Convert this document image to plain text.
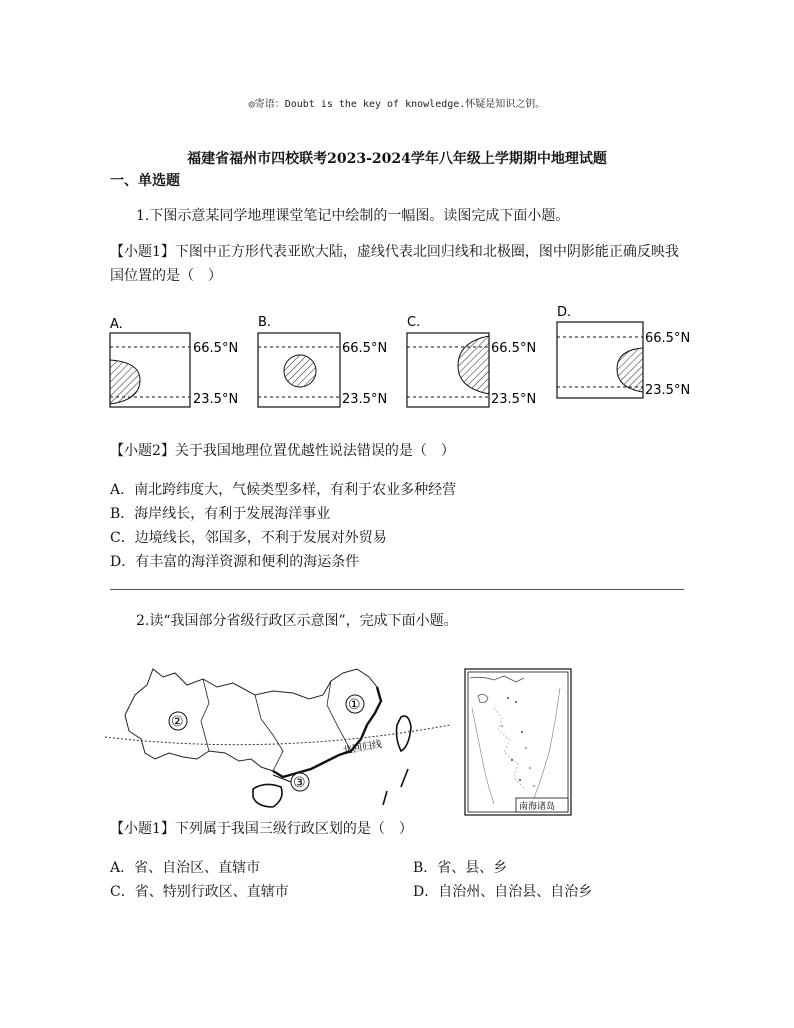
◎寄语：Doubt is the key of knowledge.怀疑是知识之钥。
福建省福州市四校联考2023-2024学年八年级上学期期中地理试题
一、单选题
1.下图示意某同学地理课堂笔记中绘制的一幅图。读图完成下面小题。
【小题1】下图中正方形代表亚欧大陆，虚线代表北回归线和北极圈，图中阴影能正确反映我国位置的是（　）
A.
66.5°N
23.5°N
B.
66.5°N
23.5°N
C.
66.5°N
23.5°N
D.
66.5°N
23.5°N
【小题2】关于我国地理位置优越性说法错误的是（　）
A．南北跨纬度大，气候类型多样，有利于农业多种经营
B．海岸线长，有利于发展海洋事业
C．边境线长，邻国多，不利于发展对外贸易
D．有丰富的海洋资源和便利的海运条件
2.读“我国部分省级行政区示意图”，完成下面小题。
北回归线
①
②
③
南海诸岛
【小题1】下列属于我国三级行政区划的是（　）
A．省、自治区、直辖市	B．省、县、乡
C．省、特别行政区、直辖市	D．自治州、自治县、自治乡
